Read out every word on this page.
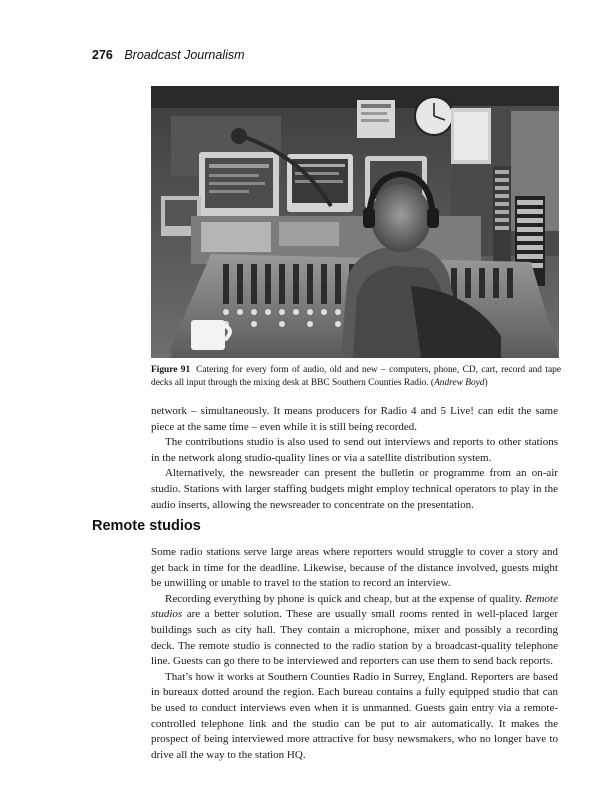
276 Broadcast Journalism
Figure 91 Catering for every form of audio, old and new – computers, phone, CD, cart, record and tape decks all input through the mixing desk at BBC Southern Counties Radio. (Andrew Boyd)

network – simultaneously. It means producers for Radio 4 and 5 Live! can edit the same piece at the same time – even while it is still being recorded.

The contributions studio is also used to send out interviews and reports to other stations in the network along studio-quality lines or via a satellite distribution system.

Alternatively, the newsreader can present the bulletin or programme from an on-air studio. Stations with larger staffing budgets might employ technical operators to play in the audio inserts, allowing the newsreader to concentrate on the presentation.

Remote studios

Some radio stations serve large areas where reporters would struggle to cover a story and get back in time for the deadline. Likewise, because of the distance involved, guests might be unwilling or unable to travel to the station to record an interview.

Recording everything by phone is quick and cheap, but at the expense of quality. Remote studios are a better solution. These are usually small rooms rented in well-placed larger buildings such as city hall. They contain a microphone, mixer and possibly a recording deck. The remote studio is connected to the radio station by a broadcast-quality telephone line. Guests can go there to be interviewed and reporters can use them to send back reports.

That’s how it works at Southern Counties Radio in Surrey, England. Reporters are based in bureaux dotted around the region. Each bureau contains a fully equipped studio that can be used to conduct interviews even when it is unmanned. Guests gain entry via a remote-controlled telephone link and the studio can be put to air automatically. It makes the prospect of being interviewed more attractive for busy newsmakers, who no longer have to drive all the way to the station HQ.
